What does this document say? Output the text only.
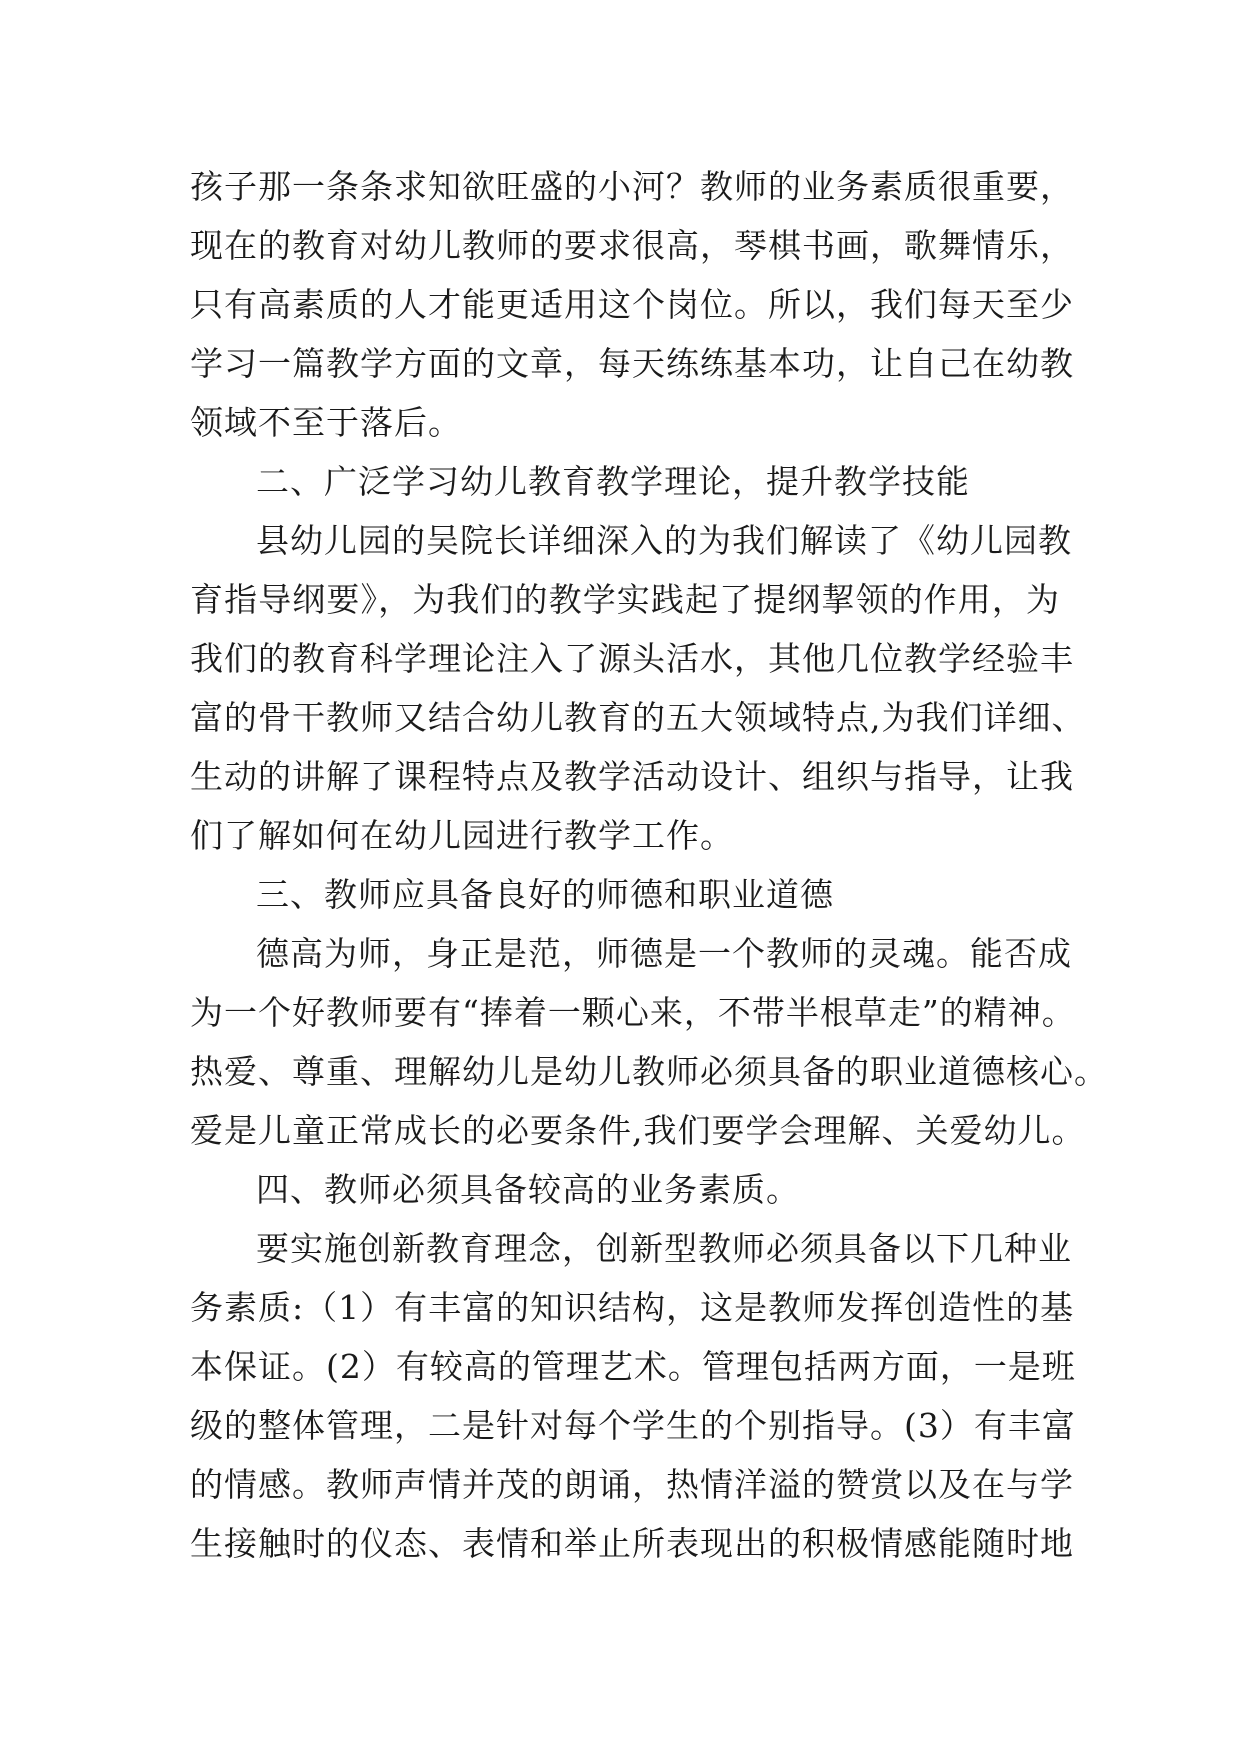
孩子那一条条求知欲旺盛的小河？教师的业务素质很重要，
现在的教育对幼儿教师的要求很高，琴棋书画，歌舞情乐，
只有高素质的人才能更适用这个岗位。所以，我们每天至少
学习一篇教学方面的文章，每天练练基本功，让自己在幼教
领域不至于落后。
二、广泛学习幼儿教育教学理论，提升教学技能
县幼儿园的吴院长详细深入的为我们解读了《幼儿园教
育指导纲要》，为我们的教学实践起了提纲挈领的作用，为
我们的教育科学理论注入了源头活水，其他几位教学经验丰
富的骨干教师又结合幼儿教育的五大领域特点,为我们详细、
生动的讲解了课程特点及教学活动设计、组织与指导，让我
们了解如何在幼儿园进行教学工作。
三、教师应具备良好的师德和职业道德
德高为师，身正是范，师德是一个教师的灵魂。能否成
为一个好教师要有“捧着一颗心来，不带半根草走”的精神。
热爱、尊重、理解幼儿是幼儿教师必须具备的职业道德核心。
爱是儿童正常成长的必要条件,我们要学会理解、关爱幼儿。
四、教师必须具备较高的业务素质。
要实施创新教育理念，创新型教师必须具备以下几种业
务素质:（1）有丰富的知识结构，这是教师发挥创造性的基
本保证。(2）有较高的管理艺术。管理包括两方面，一是班
级的整体管理，二是针对每个学生的个别指导。(3）有丰富
的情感。教师声情并茂的朗诵，热情洋溢的赞赏以及在与学
生接触时的仪态、表情和举止所表现出的积极情感能随时地
